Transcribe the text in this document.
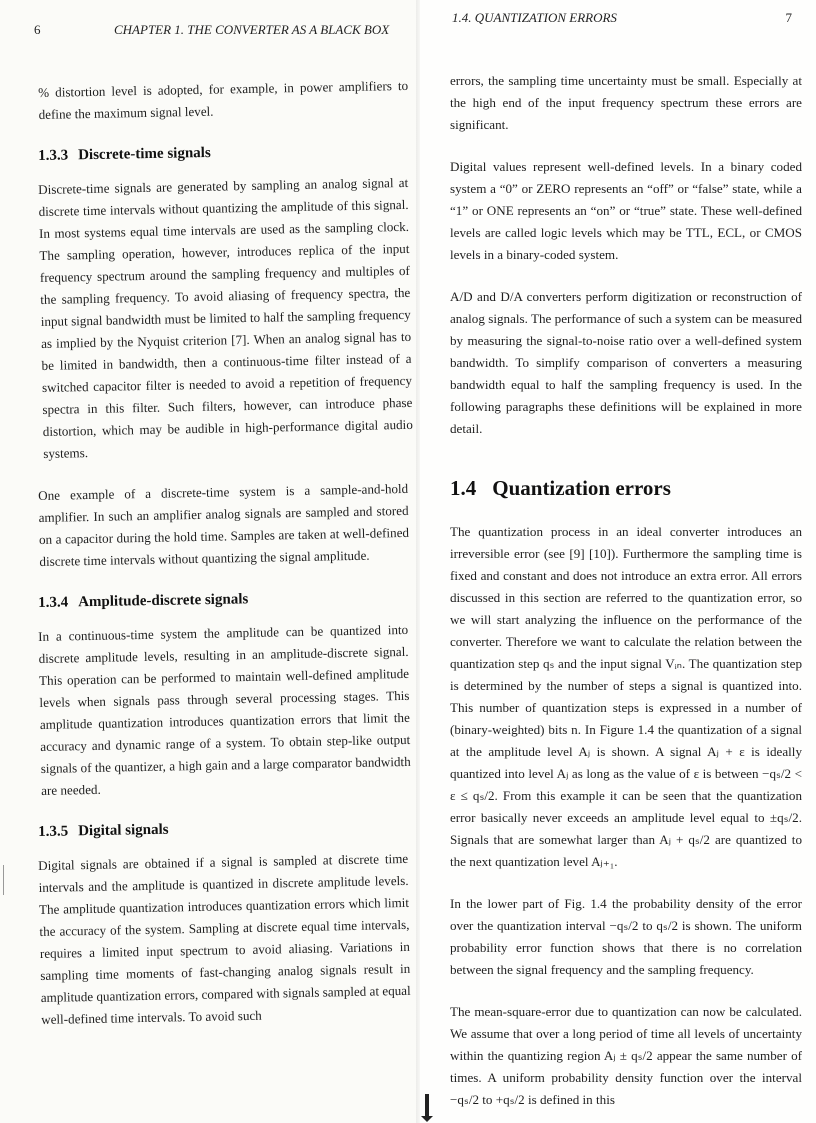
6	CHAPTER 1. THE CONVERTER AS A BLACK BOX

% distortion level is adopted, for example, in power amplifiers to define the maximum signal level.

1.3.3 Discrete-time signals

Discrete-time signals are generated by sampling an analog signal at discrete time intervals without quantizing the amplitude of this signal. In most systems equal time intervals are used as the sampling clock. The sampling operation, however, introduces replica of the input frequency spectrum around the sampling frequency and multiples of the sampling frequency. To avoid aliasing of frequency spectra, the input signal bandwidth must be limited to half the sampling frequency as implied by the Nyquist criterion [7]. When an analog signal has to be limited in bandwidth, then a continuous-time filter instead of a switched capacitor filter is needed to avoid a repetition of frequency spectra in this filter. Such filters, however, can introduce phase distortion, which may be audible in high-performance digital audio systems.

One example of a discrete-time system is a sample-and-hold amplifier. In such an amplifier analog signals are sampled and stored on a capacitor during the hold time. Samples are taken at well-defined discrete time intervals without quantizing the signal amplitude.

1.3.4 Amplitude-discrete signals

In a continuous-time system the amplitude can be quantized into discrete amplitude levels, resulting in an amplitude-discrete signal. This operation can be performed to maintain well-defined amplitude levels when signals pass through several processing stages. This amplitude quantization introduces quantization errors that limit the accuracy and dynamic range of a system. To obtain step-like output signals of the quantizer, a high gain and a large comparator bandwidth are needed.

1.3.5 Digital signals

Digital signals are obtained if a signal is sampled at discrete time intervals and the amplitude is quantized in discrete amplitude levels. The amplitude quantization introduces quantization errors which limit the accuracy of the system. Sampling at discrete equal time intervals, requires a limited input spectrum to avoid aliasing. Variations in sampling time moments of fast-changing analog signals result in amplitude quantization errors, compared with signals sampled at equal well-defined time intervals. To avoid such

1.4. QUANTIZATION ERRORS	7

errors, the sampling time uncertainty must be small. Especially at the high end of the input frequency spectrum these errors are significant.

Digital values represent well-defined levels. In a binary coded system a “0” or ZERO represents an “off” or “false” state, while a “1” or ONE represents an “on” or “true” state. These well-defined levels are called logic levels which may be TTL, ECL, or CMOS levels in a binary-coded system.

A/D and D/A converters perform digitization or reconstruction of analog signals. The performance of such a system can be measured by measuring the signal-to-noise ratio over a well-defined system bandwidth. To simplify comparison of converters a measuring bandwidth equal to half the sampling frequency is used. In the following paragraphs these definitions will be explained in more detail.

1.4 Quantization errors

The quantization process in an ideal converter introduces an irreversible error (see [9] [10]). Furthermore the sampling time is fixed and constant and does not introduce an extra error. All errors discussed in this section are referred to the quantization error, so we will start analyzing the influence on the performance of the converter. Therefore we want to calculate the relation between the quantization step qₛ and the input signal Vᵢₙ. The quantization step is determined by the number of steps a signal is quantized into. This number of quantization steps is expressed in a number of (binary-weighted) bits n. In Figure 1.4 the quantization of a signal at the amplitude level Aⱼ is shown. A signal Aⱼ + ε is ideally quantized into level Aⱼ as long as the value of ε is between −qₛ/2 < ε ≤ qₛ/2. From this example it can be seen that the quantization error basically never exceeds an amplitude level equal to ±qₛ/2. Signals that are somewhat larger than Aⱼ + qₛ/2 are quantized to the next quantization level Aⱼ₊₁.

In the lower part of Fig. 1.4 the probability density of the error over the quantization interval −qₛ/2 to qₛ/2 is shown. The uniform probability error function shows that there is no correlation between the signal frequency and the sampling frequency.

The mean-square-error due to quantization can now be calculated. We assume that over a long period of time all levels of uncertainty within the quantizing region Aⱼ ± qₛ/2 appear the same number of times. A uniform probability density function over the interval −qₛ/2 to +qₛ/2 is defined in this
